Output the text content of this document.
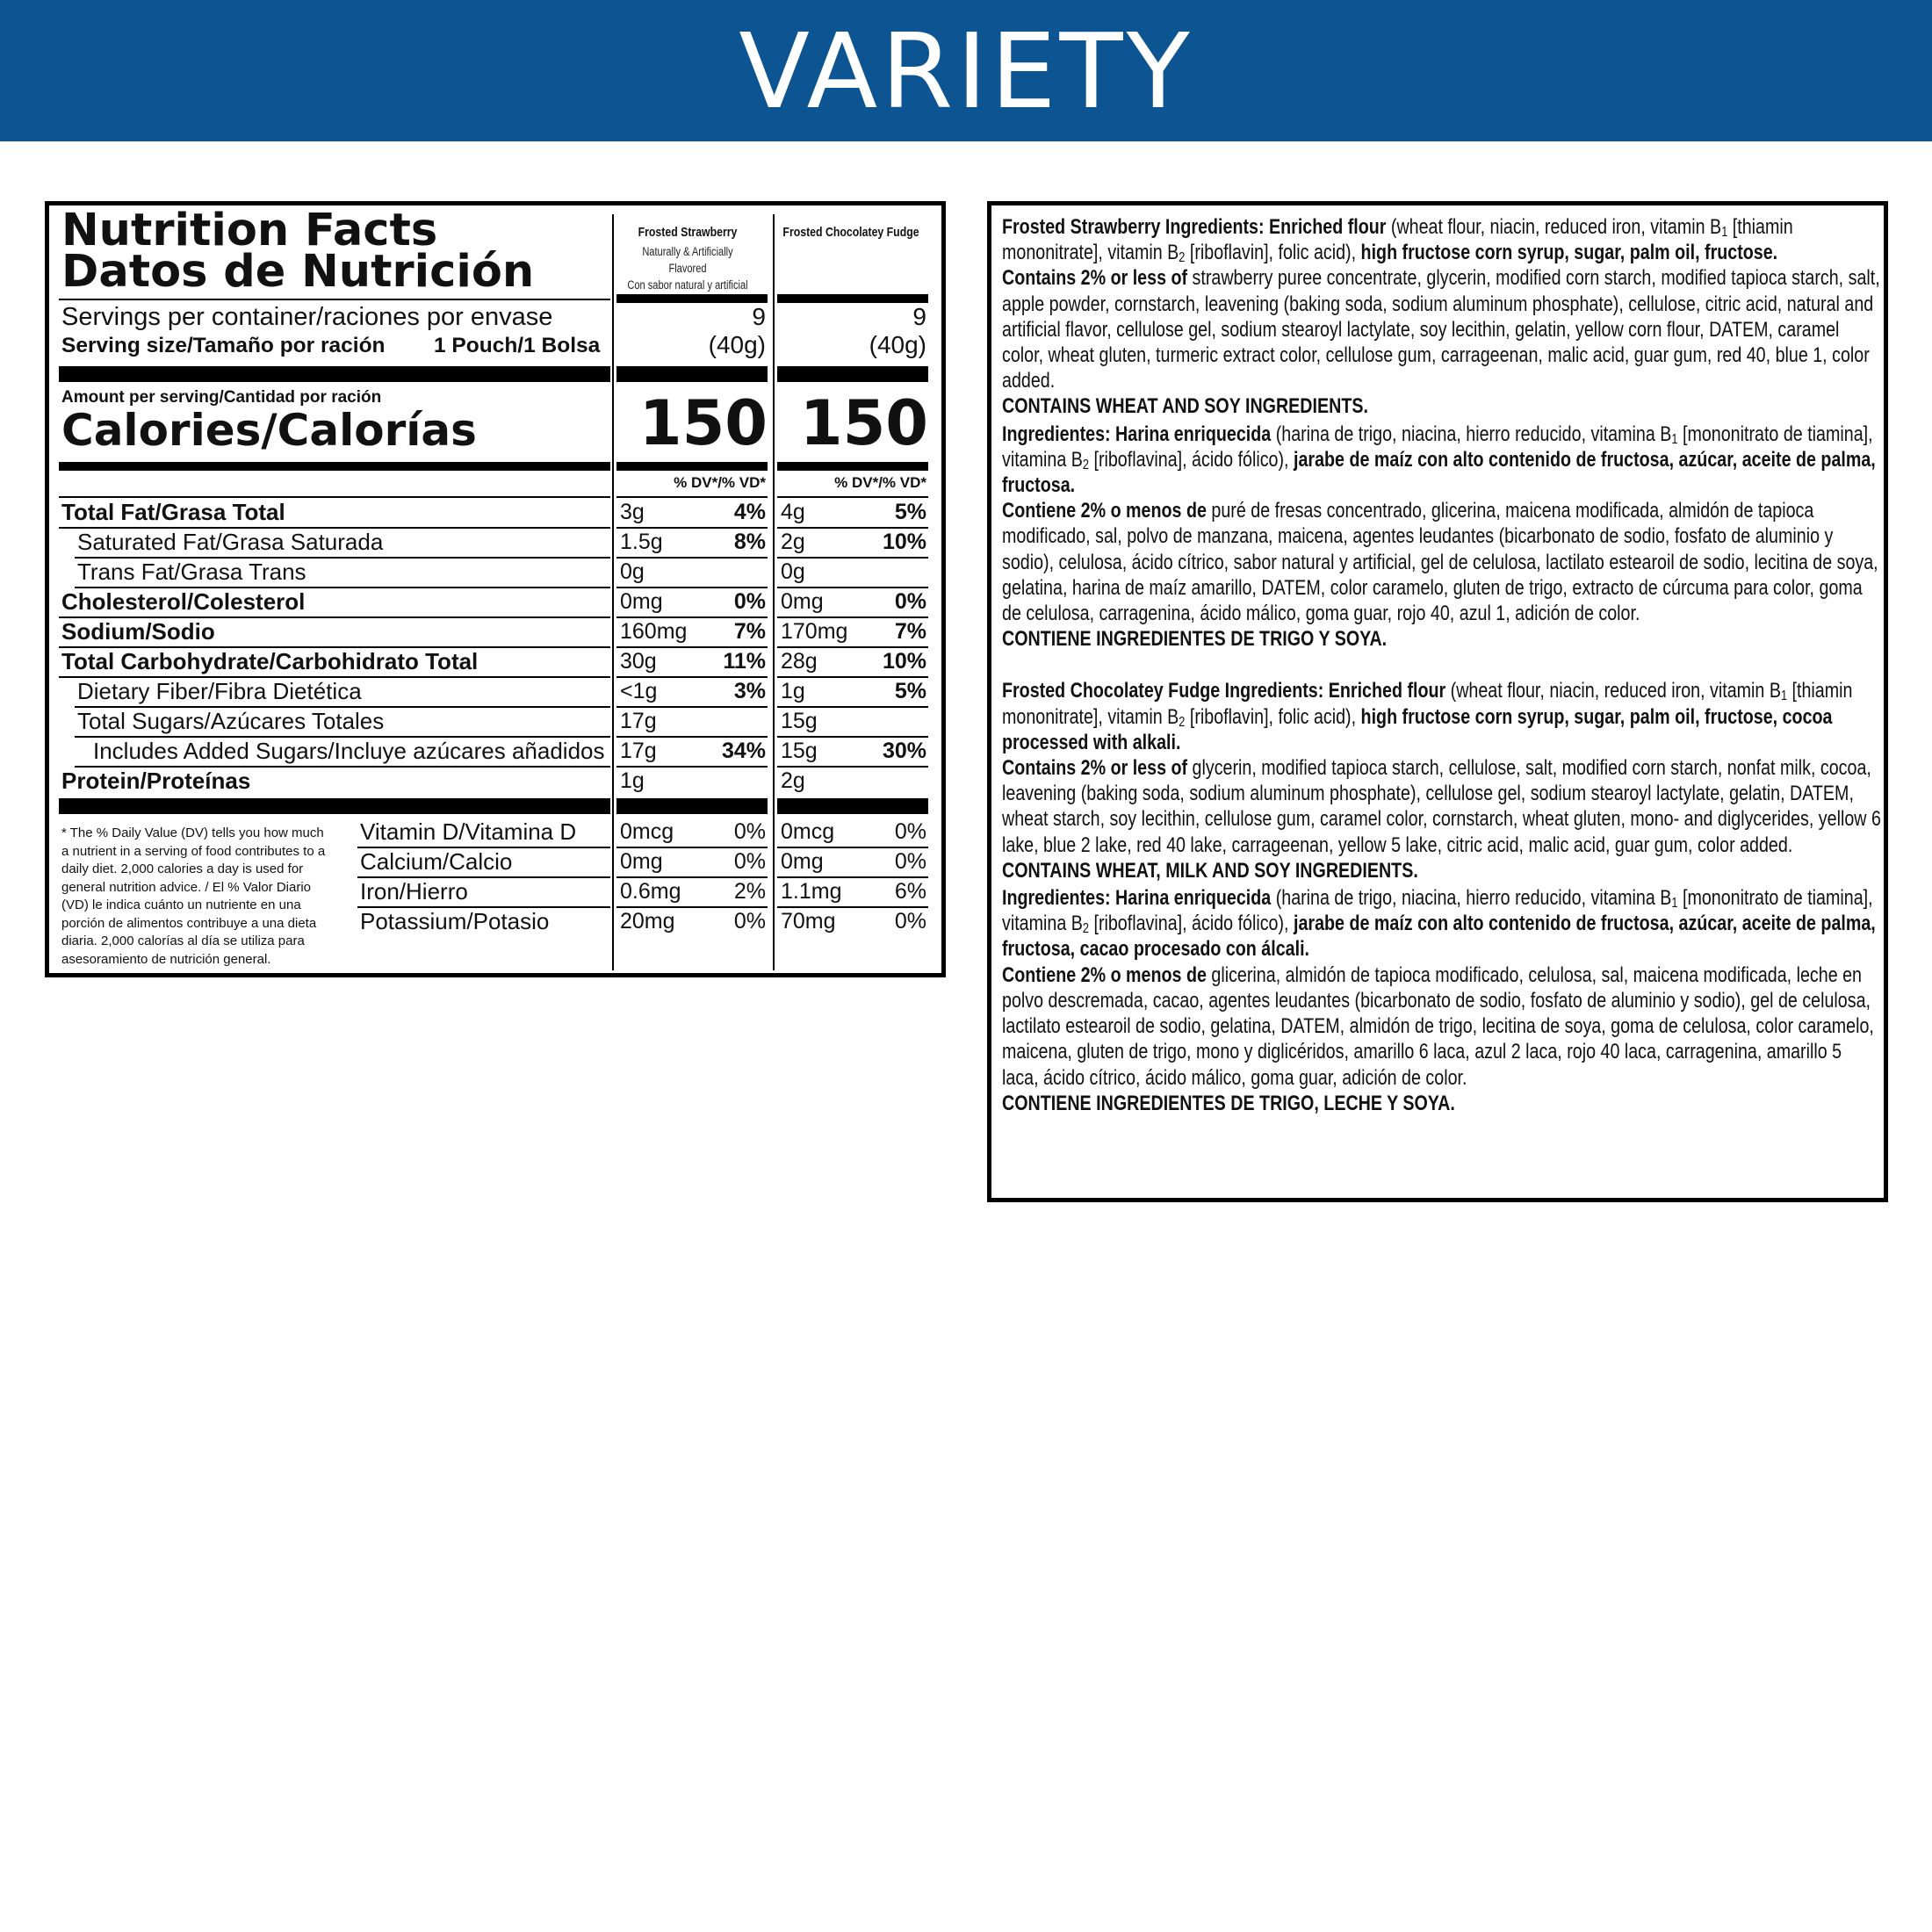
VARIETY
Nutrition Facts
Datos de Nutrición
Frosted Strawberry
Naturally & Artificially Flavored
Con sabor natural y artificial
Frosted Chocolatey Fudge
Servings per container/raciones por envase
Serving size/Tamaño por ración 1 Pouch/1 Bolsa
9
(40g)
9
(40g)
Amount per serving/Cantidad por ración
Calories/Calorías	150 150
% DV*/% VD*	% DV*/% VD*
Total Fat/Grasa Total	3g	4% 4g	5%
Saturated Fat/Grasa Saturada	1.5g	8% 2g	10%
Trans Fat/Grasa Trans	0g	0g
Cholesterol/Colesterol	0mg	0% 0mg	0%
Sodium/Sodio	160mg	7% 170mg	7%
Total Carbohydrate/Carbohidrato Total	30g	11% 28g	10%
Dietary Fiber/Fibra Dietética	<1g	3% 1g	5%
Total Sugars/Azúcares Totales	17g	15g
Includes Added Sugars/Incluye azúcares añadidos 17g	34% 15g	30%
Protein/Proteínas	1g	2g
* The % Daily Value (DV) tells you how much a nutrient in a serving of food contributes to a daily diet. 2,000 calories a day is used for general nutrition advice. / El % Valor Diario (VD) le indica cuánto un nutriente en una porción de alimentos contribuye a una dieta diaria. 2,000 calorías al día se utiliza para asesoramiento de nutrición general.
Vitamin D/Vitamina D 0mcg	0% 0mcg	0%
Calcium/Calcio	0mg	0% 0mg	0%
Iron/Hierro	0.6mg	2% 1.1mg	6%
Potassium/Potasio	20mg	0% 70mg	0%

Frosted Strawberry Ingredients: Enriched flour (wheat flour, niacin, reduced iron, vitamin $B_1$ [thiamin mononitrate], vitamin $B_2$ [riboflavin], folic acid), high fructose corn syrup, sugar, palm oil, fructose.

Contains 2% or less of strawberry puree concentrate, glycerin, modified corn starch, modified tapioca starch, salt, apple powder, cornstarch, leavening (baking soda, sodium aluminum phosphate), cellulose, citric acid, natural and artificial flavor, cellulose gel, sodium stearoyl lactylate, soy lecithin, gelatin, yellow corn flour, DATEM, caramel color, wheat gluten, turmeric extract color, cellulose gum, carrageenan, malic acid, guar gum, red 40, blue 1, color added.

CONTAINS WHEAT AND SOY INGREDIENTS.

Ingredientes: Harina enriquecida (harina de trigo, niacina, hierro reducido, vitamina $B_1$ [mononitrato de tiamina], vitamina $B_2$ [riboflavina], ácido fólico), jarabe de maíz con alto contenido de fructosa, azúcar, aceite de palma, fructosa.

Contiene 2% o menos de puré de fresas concentrado, glicerina, maicena modificada, almidón de tapioca modificado, sal, polvo de manzana, maicena, agentes leudantes (bicarbonato de sodio, fosfato de aluminio y sodio), celulosa, ácido cítrico, sabor natural y artificial, gel de celulosa, lactilato estearoil de sodio, lecitina de soya, gelatina, harina de maíz amarillo, DATEM, color caramelo, gluten de trigo, extracto de cúrcuma para color, goma de celulosa, carragenina, ácido málico, goma guar, rojo 40, azul 1, adición de color.

CONTIENE INGREDIENTES DE TRIGO Y SOYA.

Frosted Chocolatey Fudge Ingredients: Enriched flour (wheat flour, niacin, reduced iron, vitamin $B_1$ [thiamin mononitrate], vitamin $B_2$ [riboflavin], folic acid), high fructose corn syrup, sugar, palm oil, fructose, cocoa processed with alkali.

Contains 2% or less of glycerin, modified tapioca starch, cellulose, salt, modified corn starch, nonfat milk, cocoa, leavening (baking soda, sodium aluminum phosphate), cellulose gel, sodium stearoyl lactylate, gelatin, DATEM, wheat starch, soy lecithin, cellulose gum, caramel color, cornstarch, wheat gluten, mono- and diglycerides, yellow 6 lake, blue 2 lake, red 40 lake, carrageenan, yellow 5 lake, citric acid, malic acid, guar gum, color added.

CONTAINS WHEAT, MILK AND SOY INGREDIENTS.

Ingredientes: Harina enriquecida (harina de trigo, niacina, hierro reducido, vitamina $B_1$ [mononitrato de tiamina], vitamina $B_2$ [riboflavina], ácido fólico), jarabe de maíz con alto contenido de fructosa, azúcar, aceite de palma, fructosa, cacao procesado con álcali.

Contiene 2% o menos de glicerina, almidón de tapioca modificado, celulosa, sal, maicena modificada, leche en polvo descremada, cacao, agentes leudantes (bicarbonato de sodio, fosfato de aluminio y sodio), gel de celulosa, lactilato estearoil de sodio, gelatina, DATEM, almidón de trigo, lecitina de soya, goma de celulosa, color caramelo, maicena, gluten de trigo, mono y diglicéridos, amarillo 6 laca, azul 2 laca, rojo 40 laca, carragenina, amarillo 5 laca, ácido cítrico, ácido málico, goma guar, adición de color.

CONTIENE INGREDIENTES DE TRIGO, LECHE Y SOYA.
